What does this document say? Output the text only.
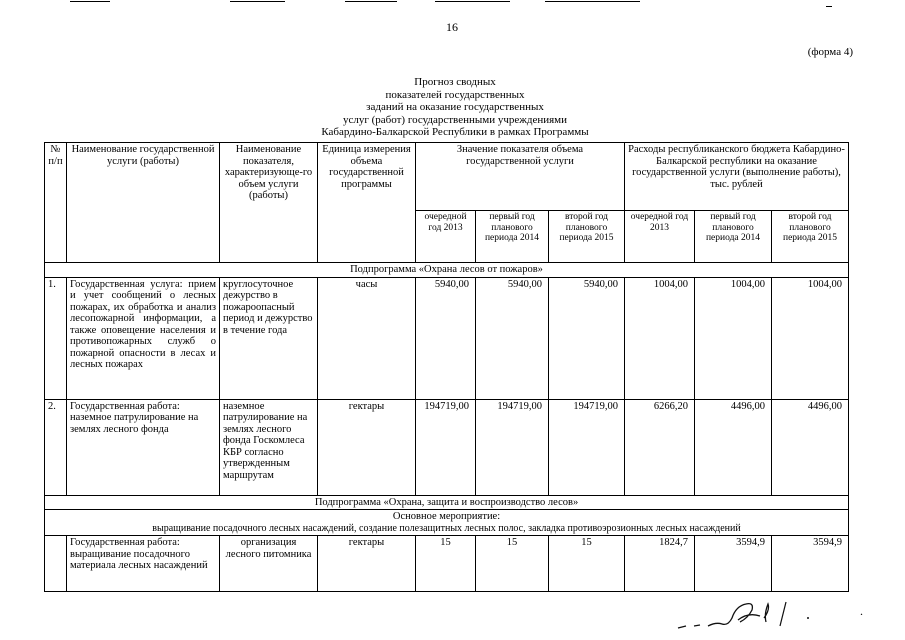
16
(форма 4)
Прогноз сводных
показателей государственных
заданий на оказание государственных
услуг (работ) государственными учреждениями
Кабардино-Балкарской Республики в рамках Программы
№ п/п	Наименование государственной услуги (работы)	Наименование показателя, характеризующе-го объем услуги (работы)	Единица измерения объема государственной программы	Значение показателя объема государственной услуги			Расходы республиканского бюджета Кабардино-Балкарской республики на оказание государственной услуги (выполнение работы), тыс. рублей		
				очередной год 2013	первый год планового периода 2014	второй год планового периода 2015	очередной год 2013	первый год планового периода 2014	второй год планового периода 2015
Подпрограмма «Охрана лесов от пожаров»									
1.	Государственная услуга: прием и учет сообщений о лесных пожарах, их обработка и анализ лесопожарной информации, а также оповещение населения и противопожарных служб о пожарной опасности в лесах и лесных пожарах	круглосуточное дежурство в пожароопасный период и дежурство в течение года	часы	5940,00	5940,00	5940,00	1004,00	1004,00	1004,00
2.	Государственная работа: наземное патрулирование на землях лесного фонда	наземное патрулирование на землях лесного фонда Госкомлеса КБР согласно утвержденным маршрутам	гектары	194719,00	194719,00	194719,00	6266,20	4496,00	4496,00
Подпрограмма «Охрана, защита и воспроизводство лесов»									

Основное мероприятие:
выращивание посадочного лесных насаждений, создание полезащитных лесных полос, закладка противоэрозионных лесных насаждений									

	Государственная работа: выращивание посадочного материала лесных насаждений	организация лесного питомника	гектары	15	15	15	1824,7	3594,9	3594,9
.
